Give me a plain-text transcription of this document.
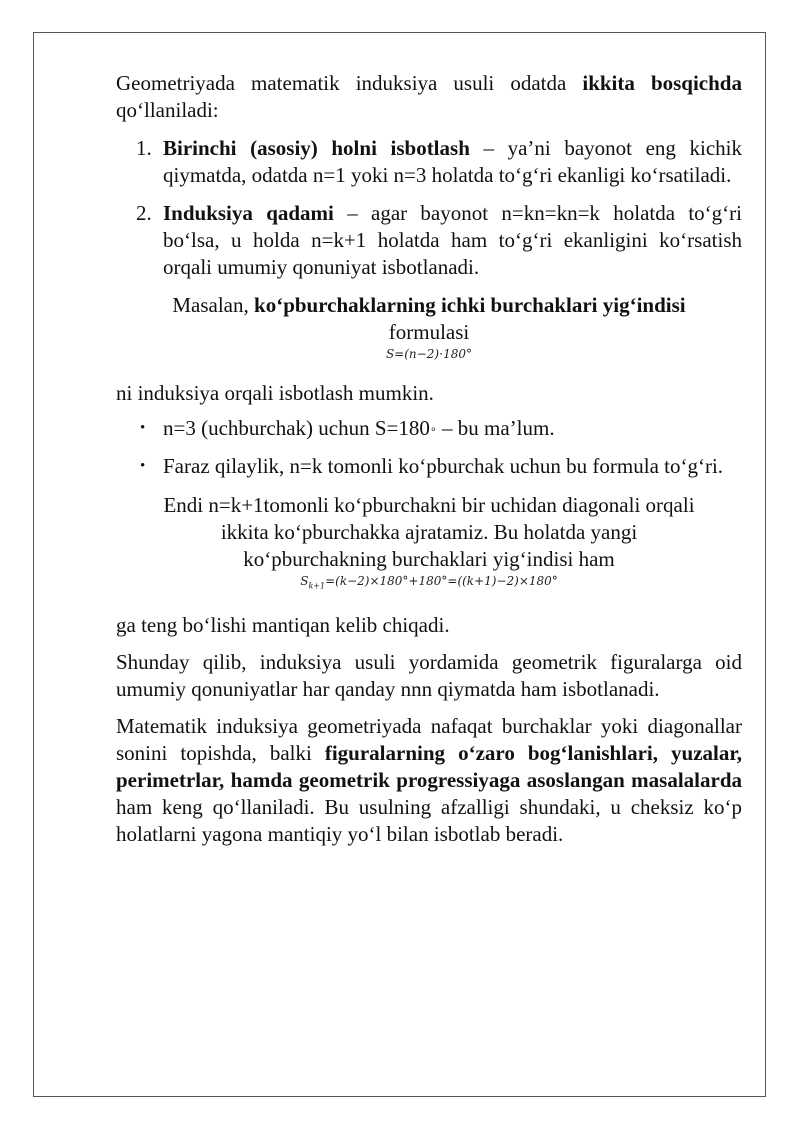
Geometriyada matematik induksiya usuli odatda ikkita bosqichda qo‘llaniladi:

1. Birinchi (asosiy) holni isbotlash – ya’ni bayonot eng kichik qiymatda, odatda n=1 yoki n=3 holatda to‘g‘ri ekanligi ko‘rsatiladi.
2. Induksiya qadami – agar bayonot n=kn=kn=k holatda to‘g‘ri bo‘lsa, u holda n=k+1 holatda ham to‘g‘ri ekanligini ko‘rsatish orqali umumiy qonuniyat isbotlanadi.

Masalan, ko‘pburchaklarning ichki burchaklari yig‘indisi

formulasi

S=(n−2)⋅180°

ni induksiya orqali isbotlash mumkin.

• n=3 (uchburchak) uchun S=180∘ – bu ma’lum.
• Faraz qilaylik, n=k tomonli ko‘pburchak uchun bu formula to‘g‘ri.

Endi n=k+1tomonli ko‘pburchakni bir uchidan diagonali orqali

ikkita ko‘pburchakka ajratamiz. Bu holatda yangi

ko‘pburchakning burchaklari yig‘indisi ham

$S_{k+1}=(k-2)\times 180^\circ+180^\circ=((k+1)-2)\times 180^\circ$

ga teng bo‘lishi mantiqan kelib chiqadi.

Shunday qilib, induksiya usuli yordamida geometrik figuralarga oid umumiy qonuniyatlar har qanday nnn qiymatda ham isbotlanadi.

Matematik induksiya geometriyada nafaqat burchaklar yoki diagonallar sonini topishda, balki figuralarning o‘zaro bog‘lanishlari, yuzalar, perimetrlar, hamda geometrik progressiyaga asoslangan masalalarda ham keng qo‘llaniladi. Bu usulning afzalligi shundaki, u cheksiz ko‘p holatlarni yagona mantiqiy yo‘l bilan isbotlab beradi.
